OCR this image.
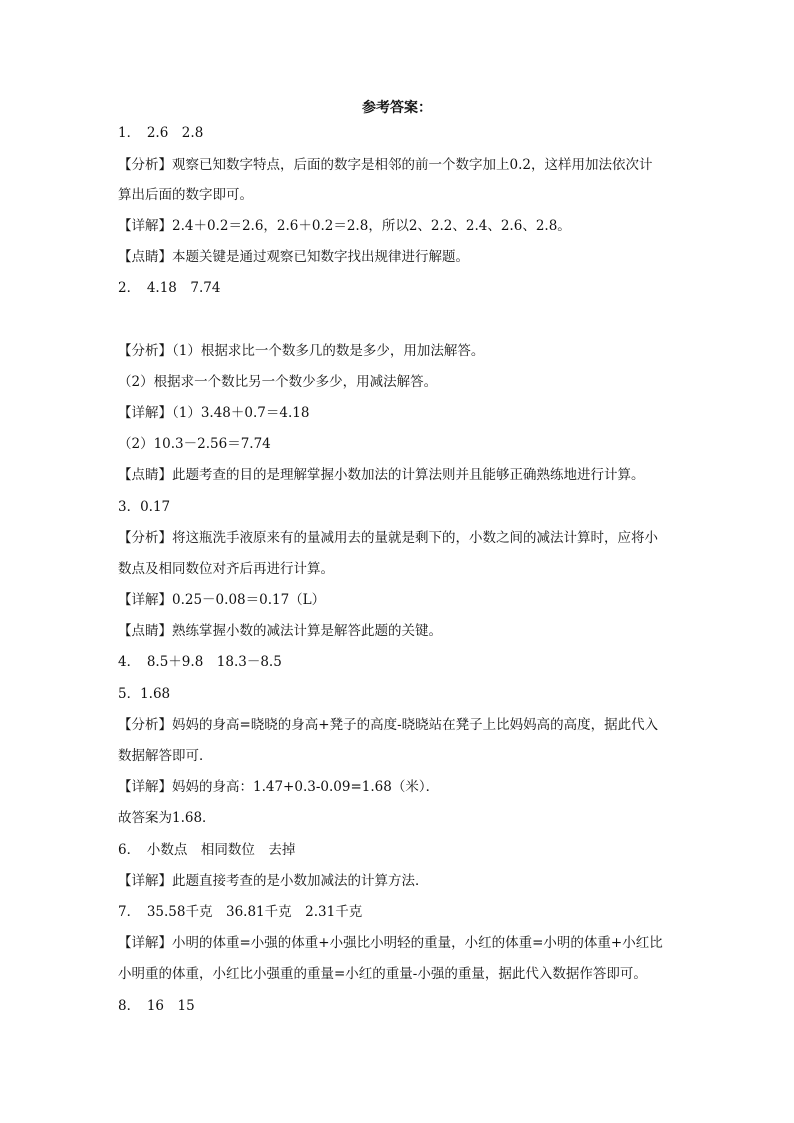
参考答案：
1．　2.6　2.8
【分析】观察已知数字特点，后面的数字是相邻的前一个数字加上0.2，这样用加法依次计
算出后面的数字即可。
【详解】2.4＋0.2＝2.6，2.6＋0.2＝2.8，所以2、2.2、2.4、2.6、2.8。
【点睛】本题关键是通过观察已知数字找出规律进行解题。
2．　4.18　7.74
【分析】（1）根据求比一个数多几的数是多少，用加法解答。
（2）根据求一个数比另一个数少多少，用减法解答。
【详解】（1）3.48＋0.7＝4.18
（2）10.3－2.56＝7.74
【点睛】此题考查的目的是理解掌握小数加法的计算法则并且能够正确熟练地进行计算。
3．0.17
【分析】将这瓶洗手液原来有的量减用去的量就是剩下的，小数之间的减法计算时，应将小
数点及相同数位对齐后再进行计算。
【详解】0.25－0.08＝0.17（L）
【点睛】熟练掌握小数的减法计算是解答此题的关键。
4．　8.5＋9.8　18.3－8.5
5．1.68
【分析】妈妈的身高=晓晓的身高+凳子的高度-晓晓站在凳子上比妈妈高的高度，据此代入
数据解答即可．
【详解】妈妈的身高：1.47+0.3-0.09=1.68（米）．
故答案为1.68．
6．　小数点　相同数位　去掉
【详解】此题直接考查的是小数加减法的计算方法．
7．　35.58千克　36.81千克　2.31千克
【详解】小明的体重=小强的体重+小强比小明轻的重量，小红的体重=小明的体重+小红比
小明重的体重，小红比小强重的重量=小红的重量-小强的重量，据此代入数据作答即可。
8．　16　15
